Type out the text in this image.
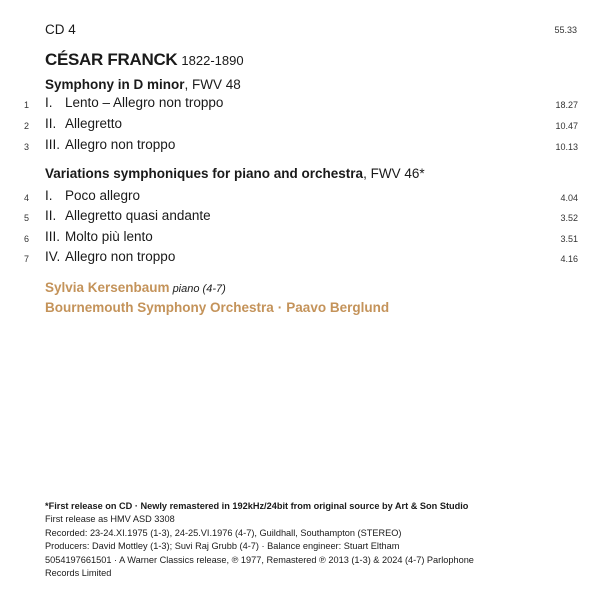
CD 4	55.33
CÉSAR FRANCK 1822-1890
Symphony in D minor, FWV 48
1 I. Lento – Allegro non troppo	18.27
2 II. Allegretto	10.47
3 III. Allegro non troppo	10.13
Variations symphoniques for piano and orchestra, FWV 46*
4 I. Poco allegro	4.04
5 II. Allegretto quasi andante	3.52
6 III. Molto più lento	3.51
7 IV. Allegro non troppo	4.16
Sylvia Kersenbaum piano (4-7)
Bournemouth Symphony Orchestra · Paavo Berglund
*First release on CD · Newly remastered in 192kHz/24bit from original source by Art & Son Studio
First release as HMV ASD 3308
Recorded: 23-24.XI.1975 (1-3), 24-25.VI.1976 (4-7), Guildhall, Southampton (STEREO)
Producers: David Mottley (1-3); Suvi Raj Grubb (4-7) · Balance engineer: Stuart Eltham
5054197661501 · A Warner Classics release, ℗ 1977, Remastered ℗ 2013 (1-3) & 2024 (4-7) Parlophone
Records Limited
